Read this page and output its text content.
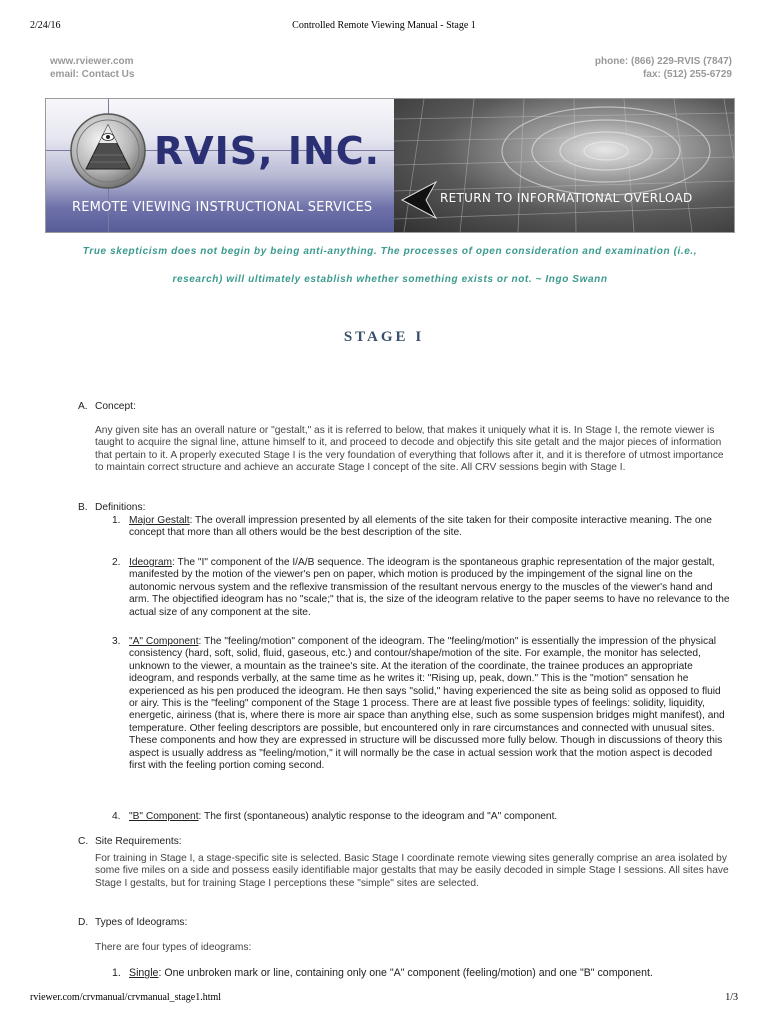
2/24/16	Controlled Remote Viewing Manual - Stage 1
www.rviewer.com
email: Contact Us
phone: (866) 229-RVIS (7847)
fax: (512) 255-6729
RVIS, INC.
REMOTE VIEWING INSTRUCTIONAL SERVICES
RETURN TO INFORMATIONAL OVERLOAD
True skepticism does not begin by being anti-anything. The processes of open consideration and examination (i.e.,
research) will ultimately establish whether something exists or not. ~ Ingo Swann
STAGE I
A. Concept:
Any given site has an overall nature or "gestalt," as it is referred to below, that makes it uniquely what it is. In Stage I, the remote viewer is taught to acquire the signal line, attune himself to it, and proceed to decode and objectify this site getalt and the major pieces of information that pertain to it. A properly executed Stage I is the very foundation of everything that follows after it, and it is therefore of utmost importance to maintain correct structure and achieve an accurate Stage I concept of the site. All CRV sessions begin with Stage I.
B. Definitions:
1. Major Gestalt: The overall impression presented by all elements of the site taken for their composite interactive meaning. The one concept that more than all others would be the best description of the site.
2. Ideogram: The "I" component of the I/A/B sequence. The ideogram is the spontaneous graphic representation of the major gestalt, manifested by the motion of the viewer's pen on paper, which motion is produced by the impingement of the signal line on the autonomic nervous system and the reflexive transmission of the resultant nervous energy to the muscles of the viewer's hand and arm. The objectified ideogram has no "scale;" that is, the size of the ideogram relative to the paper seems to have no relevance to the actual size of any component at the site.
3. "A" Component: The "feeling/motion" component of the ideogram. The "feeling/motion" is essentially the impression of the physical consistency (hard, soft, solid, fluid, gaseous, etc.) and contour/shape/motion of the site. For example, the monitor has selected, unknown to the viewer, a mountain as the trainee's site. At the iteration of the coordinate, the trainee produces an appropriate ideogram, and responds verbally, at the same time as he writes it: "Rising up, peak, down." This is the "motion" sensation he experienced as his pen produced the ideogram. He then says "solid," having experienced the site as being solid as opposed to fluid or airy. This is the "feeling" component of the Stage 1 process. There are at least five possible types of feelings: solidity, liquidity, energetic, airiness (that is, where there is more air space than anything else, such as some suspension bridges might manifest), and temperature. Other feeling descriptors are possible, but encountered only in rare circumstances and connected with unusual sites. These components and how they are expressed in structure will be discussed more fully below. Though in discussions of theory this aspect is usually address as "feeling/motion," it will normally be the case in actual session work that the motion aspect is decoded first with the feeling portion coming second.
4. "B" Component: The first (spontaneous) analytic response to the ideogram and "A" component.
C. Site Requirements:
For training in Stage I, a stage-specific site is selected. Basic Stage I coordinate remote viewing sites generally comprise an area isolated by some five miles on a side and possess easily identifiable major gestalts that may be easily decoded in simple Stage I sessions. All sites have Stage I gestalts, but for training Stage I perceptions these "simple" sites are selected.
D. Types of Ideograms:
There are four types of ideograms:
1. Single: One unbroken mark or line, containing only one "A" component (feeling/motion) and one "B" component.
rviewer.com/crvmanual/crvmanual_stage1.html	1/3
